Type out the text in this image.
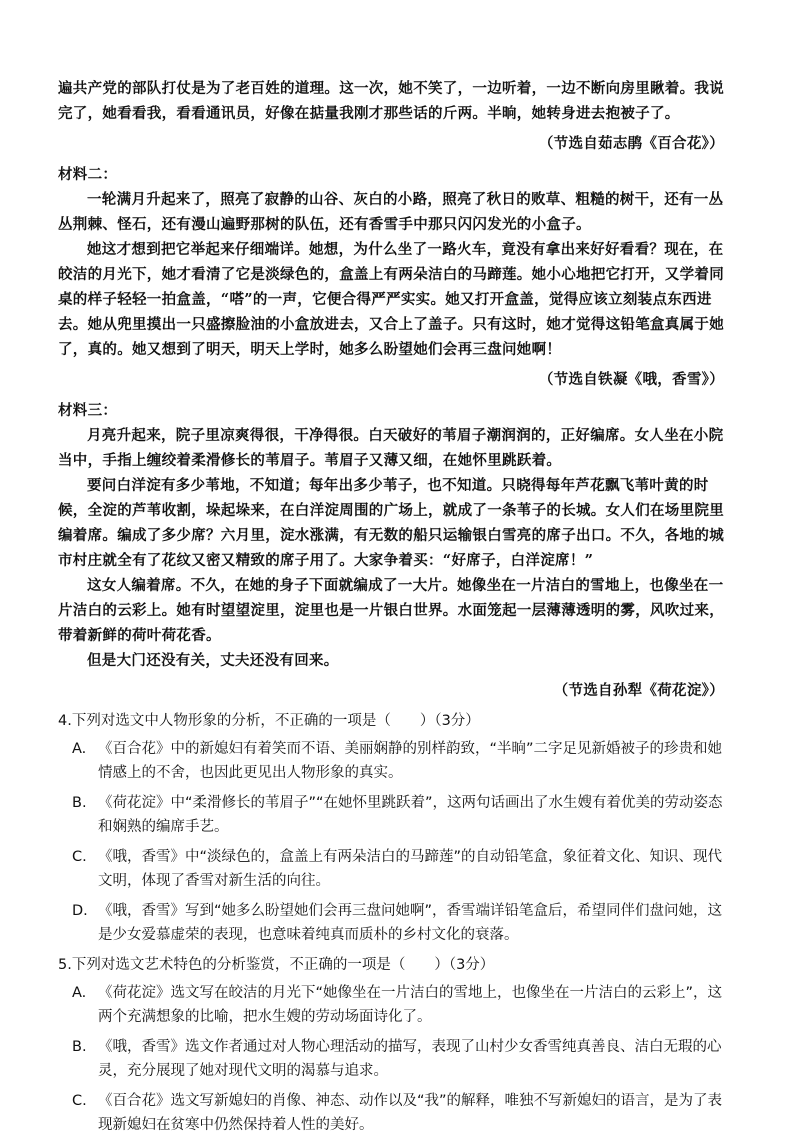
遍共产党的部队打仗是为了老百姓的道理。这一次，她不笑了，一边听着，一边不断向房里瞅着。我说完了，她看看我，看看通讯员，好像在掂量我刚才那些话的斤两。半晌，她转身进去抱被子了。

（节选自茹志鹃《百合花》）

材料二：

一轮满月升起来了，照亮了寂静的山谷、灰白的小路，照亮了秋日的败草、粗糙的树干，还有一丛丛荆棘、怪石，还有漫山遍野那树的队伍，还有香雪手中那只闪闪发光的小盒子。

她这才想到把它举起来仔细端详。她想，为什么坐了一路火车，竟没有拿出来好好看看？现在，在皎洁的月光下，她才看清了它是淡绿色的，盒盖上有两朵洁白的马蹄莲。她小心地把它打开，又学着同桌的样子轻轻一拍盒盖，“嗒”的一声，它便合得严严实实。她又打开盒盖，觉得应该立刻装点东西进去。她从兜里摸出一只盛擦脸油的小盒放进去，又合上了盖子。只有这时，她才觉得这铅笔盒真属于她了，真的。她又想到了明天，明天上学时，她多么盼望她们会再三盘问她啊！

（节选自铁凝《哦，香雪》）

材料三：

月亮升起来，院子里凉爽得很，干净得很。白天破好的苇眉子潮润润的，正好编席。女人坐在小院当中，手指上缠绞着柔滑修长的苇眉子。苇眉子又薄又细，在她怀里跳跃着。

要问白洋淀有多少苇地，不知道；每年出多少苇子，也不知道。只晓得每年芦花飘飞苇叶黄的时候，全淀的芦苇收割，垛起垛来，在白洋淀周围的广场上，就成了一条苇子的长城。女人们在场里院里编着席。编成了多少席？六月里，淀水涨满，有无数的船只运输银白雪亮的席子出口。不久，各地的城市村庄就全有了花纹又密又精致的席子用了。大家争着买：“好席子，白洋淀席！”

这女人编着席。不久，在她的身子下面就编成了一大片。她像坐在一片洁白的雪地上，也像坐在一片洁白的云彩上。她有时望望淀里，淀里也是一片银白世界。水面笼起一层薄薄透明的雾，风吹过来，带着新鲜的荷叶荷花香。

但是大门还没有关，丈夫还没有回来。

（节选自孙犁《荷花淀》）

4.下列对选文中人物形象的分析，不正确的一项是（　　）（3分）

A. 《百合花》中的新媳妇有着笑而不语、美丽娴静的别样韵致，“半晌”二字足见新婚被子的珍贵和她情感上的不舍，也因此更见出人物形象的真实。
B. 《荷花淀》中“柔滑修长的苇眉子”“在她怀里跳跃着”，这两句话画出了水生嫂有着优美的劳动姿态和娴熟的编席手艺。
C. 《哦，香雪》中“淡绿色的，盒盖上有两朵洁白的马蹄莲”的自动铅笔盒，象征着文化、知识、现代文明，体现了香雪对新生活的向往。
D. 《哦，香雪》写到“她多么盼望她们会再三盘问她啊”，香雪端详铅笔盒后，希望同伴们盘问她，这是少女爱慕虚荣的表现，也意味着纯真而质朴的乡村文化的衰落。

5.下列对选文艺术特色的分析鉴赏，不正确的一项是（　　）（3分）

A. 《荷花淀》选文写在皎洁的月光下“她像坐在一片洁白的雪地上，也像坐在一片洁白的云彩上”，这两个充满想象的比喻，把水生嫂的劳动场面诗化了。
B. 《哦，香雪》选文作者通过对人物心理活动的描写，表现了山村少女香雪纯真善良、洁白无瑕的心灵，充分展现了她对现代文明的渴慕与追求。
C. 《百合花》选文写新媳妇的肖像、神态、动作以及“我”的解释，唯独不写新媳妇的语言，是为了表现新媳妇在贫寒中仍然保持着人性的美好。
